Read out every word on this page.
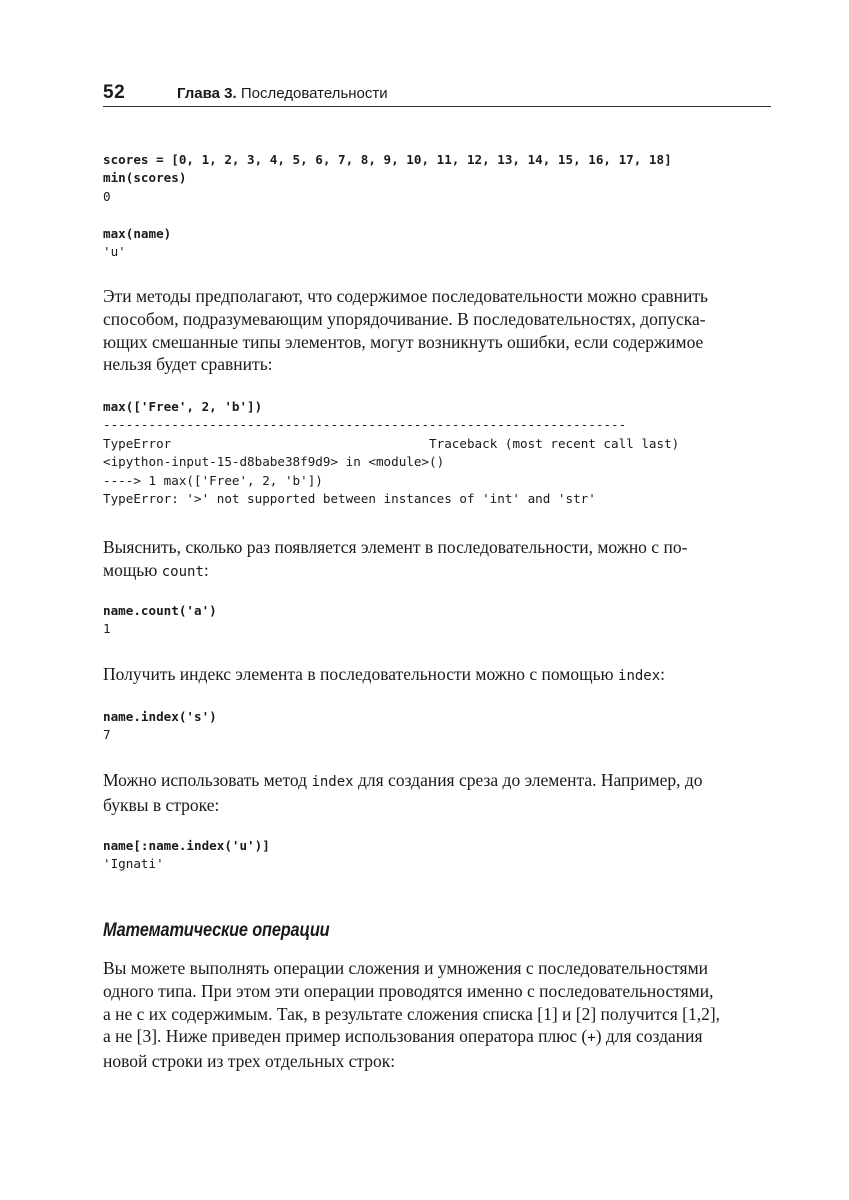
52	Глава 3. Последовательности
scores = [0, 1, 2, 3, 4, 5, 6, 7, 8, 9, 10, 11, 12, 13, 14, 15, 16, 17, 18]
min(scores)
0

max(name)
'u'
Эти методы предполагают, что содержимое последовательности можно сравнить
способом, подразумевающим упорядочивание. В последовательностях, допуска-
ющих смешанные типы элементов, могут возникнуть ошибки, если содержимое
нельзя будет сравнить:
max(['Free', 2, 'b'])
---------------------------------------------------------------------
TypeError	Traceback (most recent call last)
<ipython-input-15-d8babe38f9d9> in <module>()
----> 1 max(['Free', 2, 'b'])
TypeError: '>' not supported between instances of 'int' and 'str'
Выяснить, сколько раз появляется элемент в последовательности, можно с по-
мощью count:
name.count('a')
1
Получить индекс элемента в последовательности можно с помощью index:
name.index('s')
7
Можно использовать метод index для создания среза до элемента. Например, до
буквы в строке:
name[:name.index('u')]
'Ignati'
Математические операции
Вы можете выполнять операции сложения и умножения с последовательностями
одного типа. При этом эти операции проводятся именно с последовательностями,
а не с их содержимым. Так, в результате сложения списка [1] и [2] получится [1,2],
а не [3]. Ниже приведен пример использования оператора плюс (+) для создания
новой строки из трех отдельных строк:
